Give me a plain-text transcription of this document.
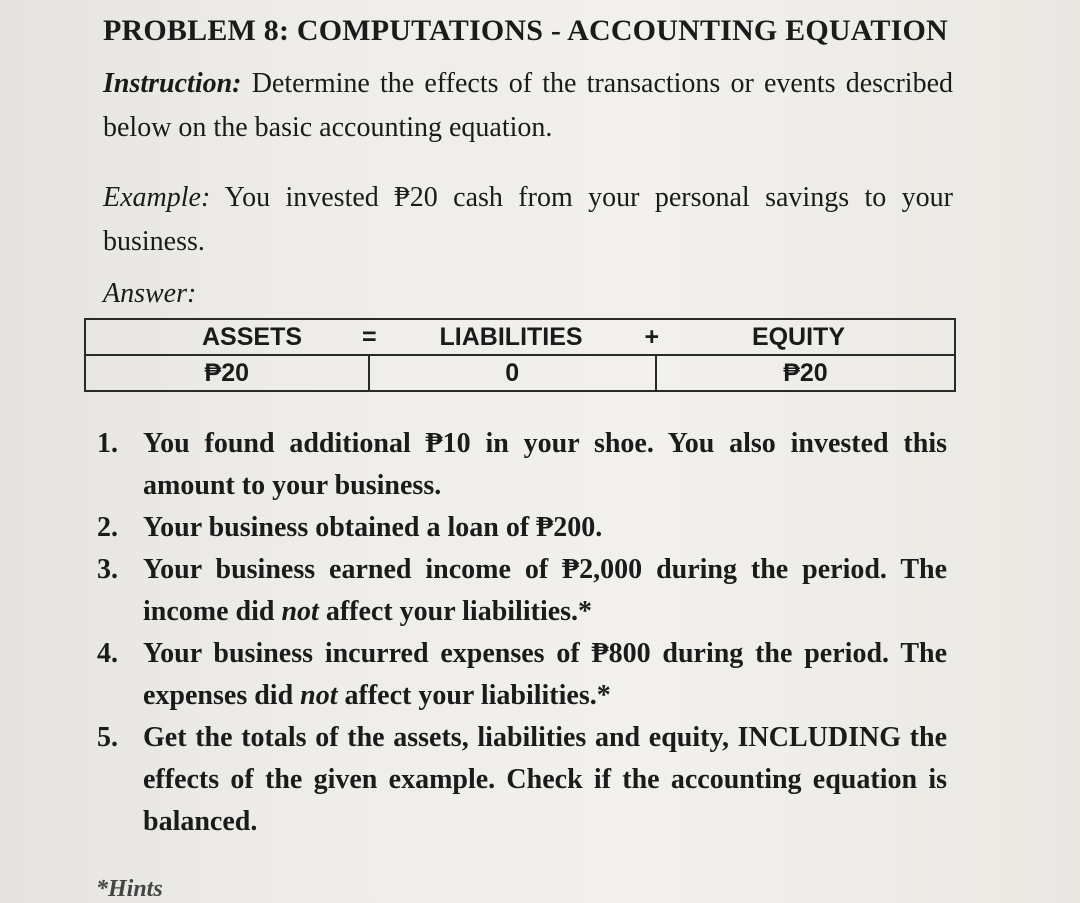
PROBLEM 8: COMPUTATIONS - ACCOUNTING EQUATION
Instruction: Determine the effects of the transactions or events described below on the basic accounting equation.
Example: You invested ₱20 cash from your personal savings to your business.
Answer:
ASSETS =	LIABILITIES +	EQUITY

₱20	0	₱20
1. You found additional ₱10 in your shoe. You also invested this amount to your business.
2. Your business obtained a loan of ₱200.
3. Your business earned income of ₱2,000 during the period. The income did not affect your liabilities.*
4. Your business incurred expenses of ₱800 during the period. The expenses did not affect your liabilities.*
5. Get the totals of the assets, liabilities and equity, INCLUDING the effects of the given example. Check if the accounting equation is balanced.
*Hints
